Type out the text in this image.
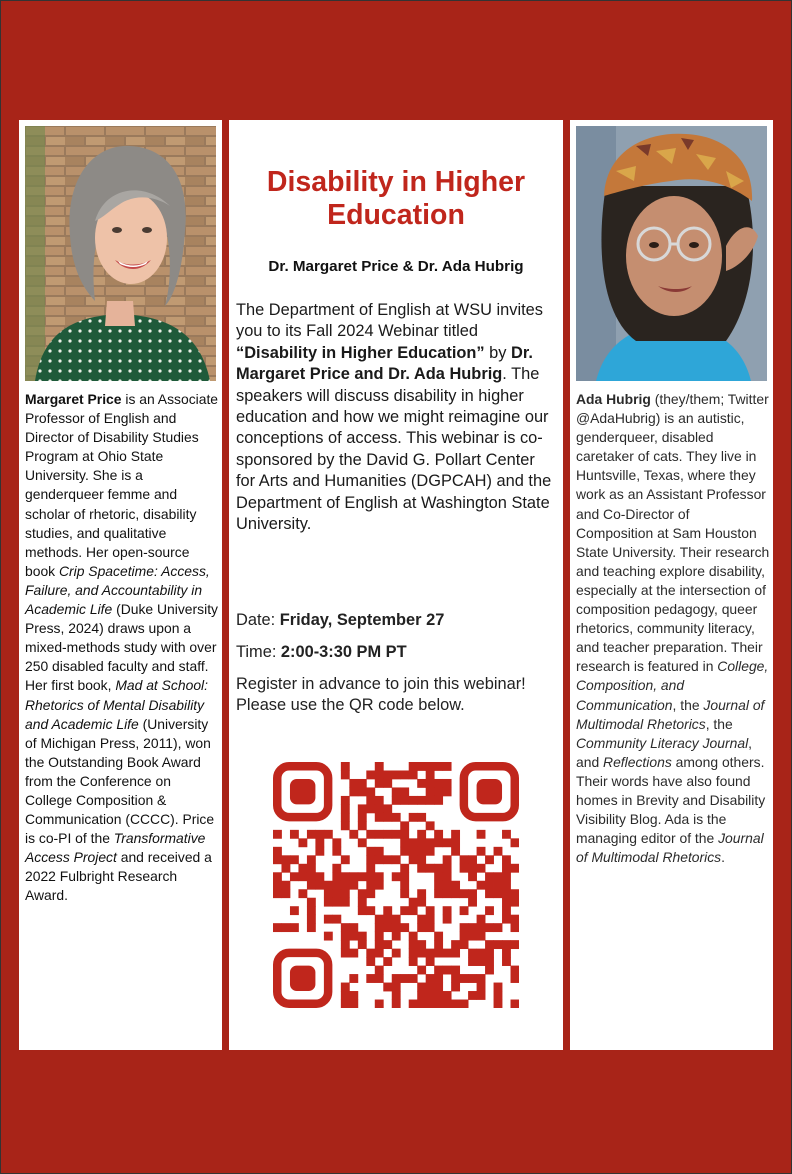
Margaret Price is an Associate Professor of English and Director of Disability Studies Program at Ohio State University. She is a genderqueer femme and scholar of rhetoric, disability studies, and qualitative methods. Her open-source book Crip Spacetime: Access, Failure, and Accountability in Academic Life (Duke University Press, 2024) draws upon a mixed-methods study with over 250 disabled faculty and staff. Her first book, Mad at School: Rhetorics of Mental Disability and Academic Life (University of Michigan Press, 2011), won the Outstanding Book Award from the Conference on College Composition & Communication (CCCC). Price is co-PI of the Transformative Access Project and received a 2022 Fulbright Research Award.
Disability in Higher Education
Dr. Margaret Price & Dr. Ada Hubrig
The Department of English at WSU invites you to its Fall 2024 Webinar titled “Disability in Higher Education” by Dr. Margaret Price and Dr. Ada Hubrig. The speakers will discuss disability in higher education and how we might reimagine our conceptions of access. This webinar is co-sponsored by the David G. Pollart Center for Arts and Humanities (DGPCAH) and the Department of English at Washington State University.
Date: Friday, September 27
Time: 2:00-3:30 PM PT
Register in advance to join this webinar! Please use the QR code below.
Ada Hubrig (they/them; Twitter @AdaHubrig) is an autistic, genderqueer, disabled caretaker of cats. They live in Huntsville, Texas, where they work as an Assistant Professor and Co-Director of Composition at Sam Houston State University. Their research and teaching explore disability, especially at the intersection of composition pedagogy, queer rhetorics, community literacy, and teacher preparation. Their research is featured in College, Composition, and Communication, the Journal of Multimodal Rhetorics, the Community Literacy Journal, and Reflections among others. Their words have also found homes in Brevity and Disability Visibility Blog. Ada is the managing editor of the Journal of Multimodal Rhetorics.
